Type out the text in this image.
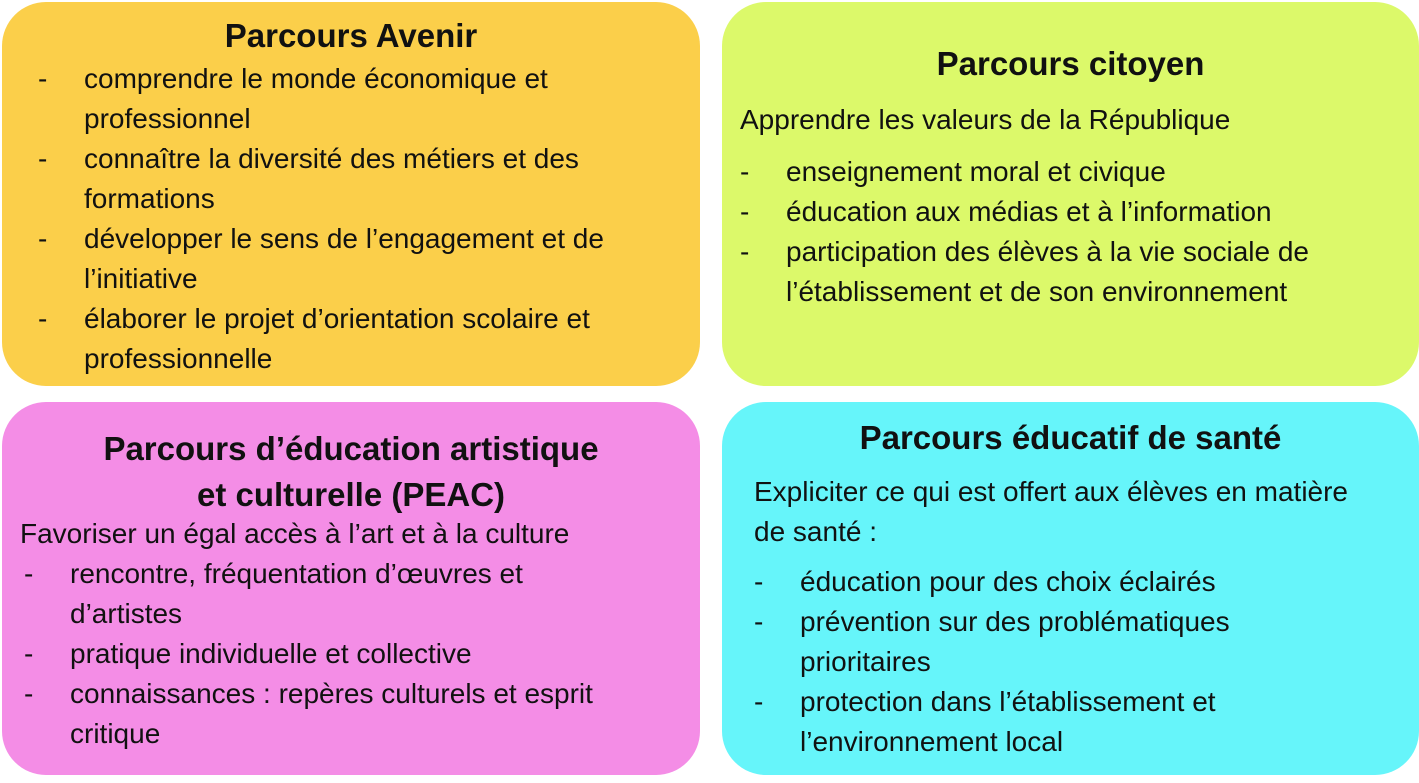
Parcours Avenir
- comprendre le monde économique et professionnel
- connaître la diversité des métiers et des formations
- développer le sens de l’engagement et de l’initiative
- élaborer le projet d’orientation scolaire et professionnelle
Parcours citoyen

Apprendre les valeurs de la République

- enseignement moral et civique
- éducation aux médias et à l’information
- participation des élèves à la vie sociale de l’établissement et de son environnement
Parcours d’éducation artistique
et culturelle (PEAC)

Favoriser un égal accès à l’art et à la culture

- rencontre, fréquentation d’œuvres et d’artistes
- pratique individuelle et collective
- connaissances : repères culturels et esprit critique
Parcours éducatif de santé

Expliciter ce qui est offert aux élèves en matière de santé :

- éducation pour des choix éclairés
- prévention sur des problématiques prioritaires
- protection dans l’établissement et l’environnement local
